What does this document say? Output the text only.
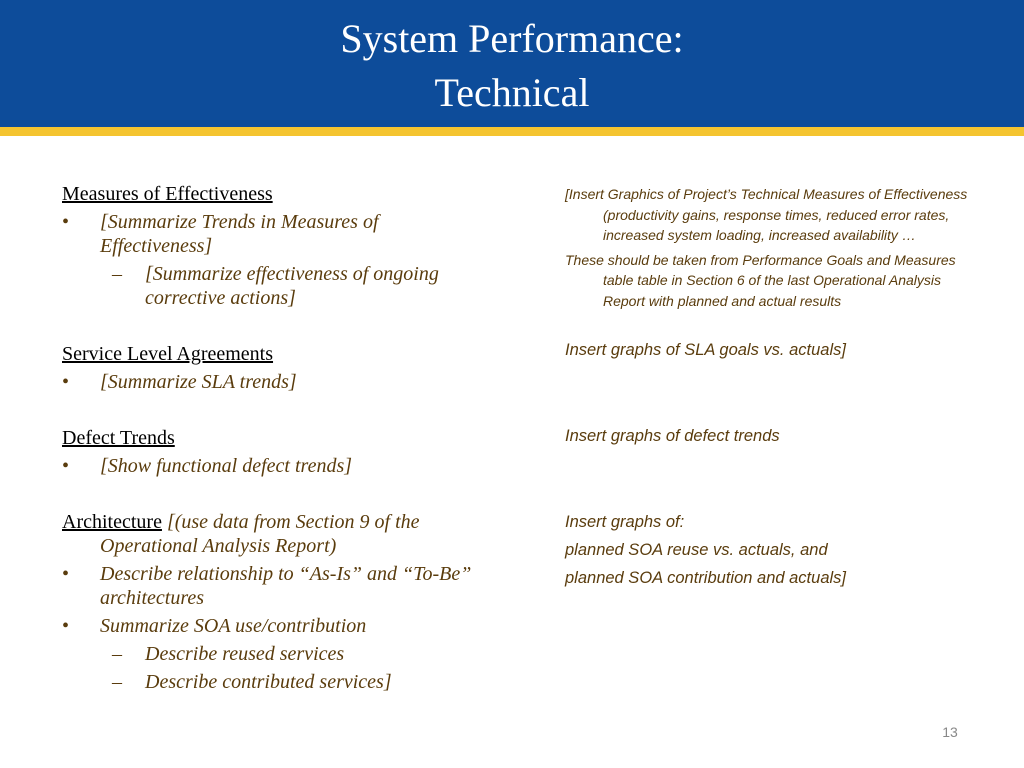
System Performance:
Technical
Measures of Effectiveness
• [Summarize Trends in Measures of Effectiveness]
– [Summarize effectiveness of ongoing corrective actions]
Service Level Agreements
• [Summarize SLA trends]
Defect Trends
• [Show functional defect trends]
Architecture [(use data from Section 9 of the Operational Analysis Report)
• Describe relationship to “As-Is” and “To-Be” architectures
• Summarize SOA use/contribution
– Describe reused services
– Describe contributed services]
[Insert Graphics of Project’s Technical Measures of Effectiveness (productivity gains, response times, reduced error rates, increased system loading, increased availability …
These should be taken from Performance Goals and Measures table table in Section 6 of the last Operational Analysis Report with planned and actual results
Insert graphs of SLA goals vs. actuals]
Insert graphs of defect trends
Insert graphs of:
planned SOA reuse vs. actuals, and
planned SOA contribution and actuals]
13
